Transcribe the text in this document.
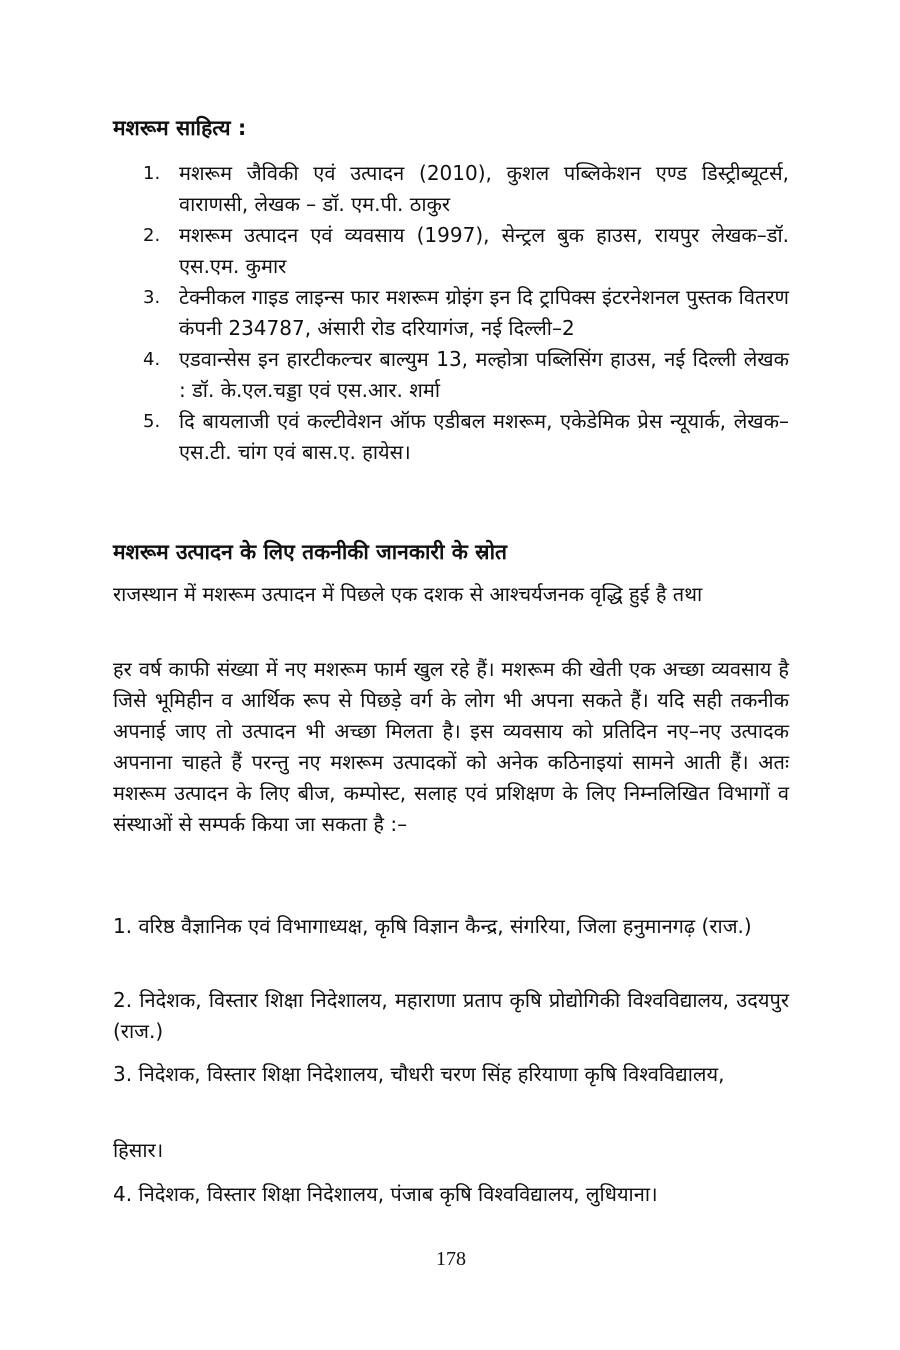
मशरूम साहित्य :
1. मशरूम जैविकी एवं उत्पादन (2010), कुशल पब्लिकेशन एण्ड डिस्ट्रीब्यूटर्स, वाराणसी, लेखक – डॉ. एम.पी. ठाकुर
2. मशरूम उत्पादन एवं व्यवसाय (1997), सेन्ट्रल बुक हाउस, रायपुर लेखक–डॉ. एस.एम. कुमार
3. टेक्नीकल गाइड लाइन्स फार मशरूम ग्रोइंग इन दि ट्रापिक्स इंटरनेशनल पुस्तक वितरण कंपनी 234787, अंसारी रोड दरियागंज, नई दिल्ली–2
4. एडवान्सेस इन हारटीकल्चर बाल्युम 13, मल्होत्रा पब्लिसिंग हाउस, नई दिल्ली लेखक : डॉ. के.एल.चड्डा एवं एस.आर. शर्मा
5. दि बायलाजी एवं कल्टीवेशन ऑफ एडीबल मशरूम, एकेडेमिक प्रेस न्यूयार्क, लेखक–एस.टी. चांग एवं बास.ए. हायेस।
मशरूम उत्पादन के लिए तकनीकी जानकारी के स्रोत

राजस्थान में मशरूम उत्पादन में पिछले एक दशक से आश्चर्यजनक वृद्धि हुई है तथा

हर वर्ष काफी संख्या में नए मशरूम फार्म खुल रहे हैं। मशरूम की खेती एक अच्छा व्यवसाय है जिसे भूमिहीन व आर्थिक रूप से पिछड़े वर्ग के लोग भी अपना सकते हैं। यदि सही तकनीक अपनाई जाए तो उत्पादन भी अच्छा मिलता है। इस व्यवसाय को प्रतिदिन नए–नए उत्पादक अपनाना चाहते हैं परन्तु नए मशरूम उत्पादकों को अनेक कठिनाइयां सामने आती हैं। अतः मशरूम उत्पादन के लिए बीज, कम्पोस्ट, सलाह एवं प्रशिक्षण के लिए निम्नलिखित विभागों व संस्थाओं से सम्पर्क किया जा सकता है :–

1. वरिष्ठ वैज्ञानिक एवं विभागाध्यक्ष, कृषि विज्ञान कैन्द्र, संगरिया, जिला हनुमानगढ़ (राज.)

2. निदेशक, विस्तार शिक्षा निदेशालय, महाराणा प्रताप कृषि प्रोद्योगिकी विश्वविद्यालय, उदयपुर (राज.)

3. निदेशक, विस्तार शिक्षा निदेशालय, चौधरी चरण सिंह हरियाणा कृषि विश्वविद्यालय,

हिसार।

4. निदेशक, विस्तार शिक्षा निदेशालय, पंजाब कृषि विश्वविद्यालय, लुधियाना।

178
